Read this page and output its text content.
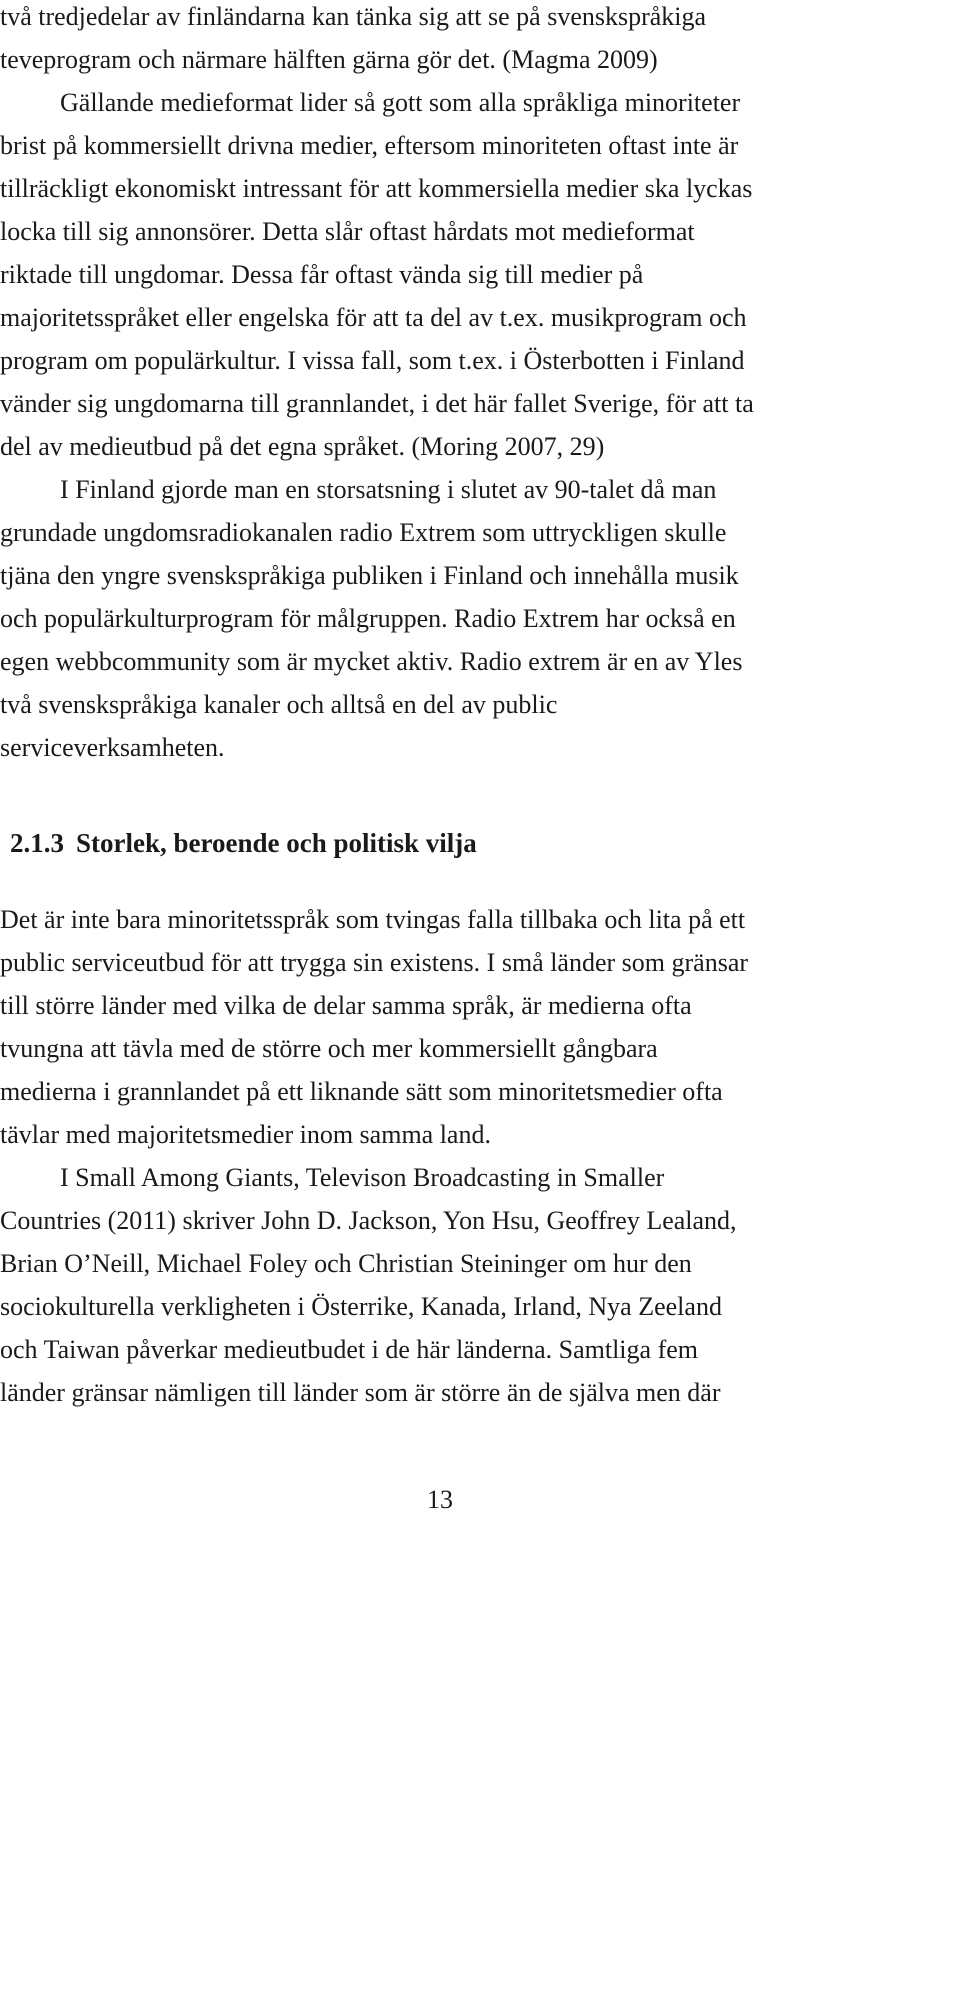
två tredjedelar av finländarna kan tänka sig att se på svenskspråkiga
teveprogram och närmare hälften gärna gör det. (Magma 2009)
Gällande medieformat lider så gott som alla språkliga minoriteter
brist på kommersiellt drivna medier, eftersom minoriteten oftast inte är
tillräckligt ekonomiskt intressant för att kommersiella medier ska lyckas
locka till sig annonsörer. Detta slår oftast hårdats mot medieformat
riktade till ungdomar. Dessa får oftast vända sig till medier på
majoritetsspråket eller engelska för att ta del av t.ex. musikprogram och
program om populärkultur. I vissa fall, som t.ex. i Österbotten i Finland
vänder sig ungdomarna till grannlandet, i det här fallet Sverige, för att ta
del av medieutbud på det egna språket. (Moring 2007, 29)
I Finland gjorde man en storsatsning i slutet av 90-talet då man
grundade ungdomsradiokanalen radio Extrem som uttryckligen skulle
tjäna den yngre svenskspråkiga publiken i Finland och innehålla musik
och populärkulturprogram för målgruppen. Radio Extrem har också en
egen webbcommunity som är mycket aktiv. Radio extrem är en av Yles
två svenskspråkiga kanaler och alltså en del av public
serviceverksamheten.
2.1.3 Storlek, beroende och politisk vilja
Det är inte bara minoritetsspråk som tvingas falla tillbaka och lita på ett
public serviceutbud för att trygga sin existens. I små länder som gränsar
till större länder med vilka de delar samma språk, är medierna ofta
tvungna att tävla med de större och mer kommersiellt gångbara
medierna i grannlandet på ett liknande sätt som minoritetsmedier ofta
tävlar med majoritetsmedier inom samma land.
I Small Among Giants, Televison Broadcasting in Smaller
Countries (2011) skriver John D. Jackson, Yon Hsu, Geoffrey Lealand,
Brian O’Neill, Michael Foley och Christian Steininger om hur den
sociokulturella verkligheten i Österrike, Kanada, Irland, Nya Zeeland
och Taiwan påverkar medieutbudet i de här länderna. Samtliga fem
länder gränsar nämligen till länder som är större än de själva men där
13
